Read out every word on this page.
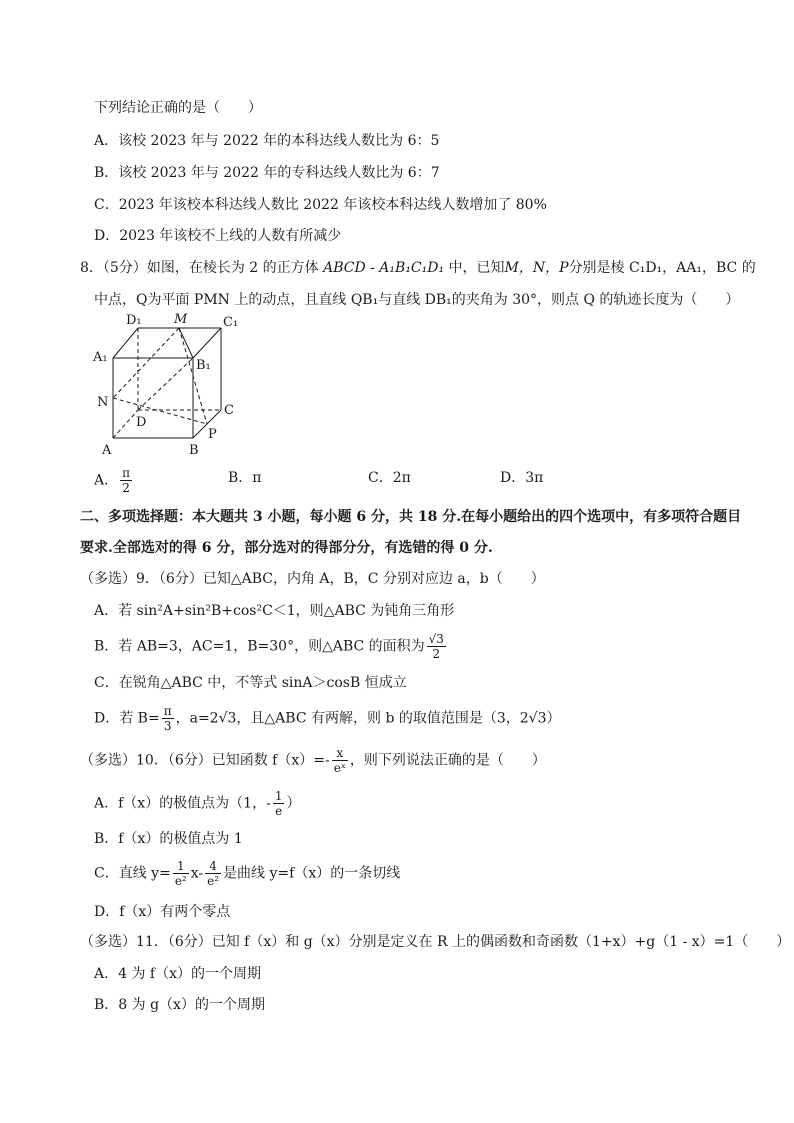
下列结论正确的是（　　）
A．该校 2023 年与 2022 年的本科达线人数比为 6：5
B．该校 2023 年与 2022 年的专科达线人数比为 6：7
C．2023 年该校本科达线人数比 2022 年该校本科达线人数增加了 80%
D．2023 年该校不上线的人数有所减少
8．（5分）如图，在棱长为 2 的正方体 ABCD - A₁B₁C₁D₁ 中，已知M，N，P分别是棱 C₁D₁，AA₁，BC 的
中点，Q为平面 PMN 上的动点，且直线 QB₁与直线 DB₁的夹角为 30°，则点 Q 的轨迹长度为（　　）
D₁ M	C₁
A₁
B₁
N
C
D
P
A	B
A． $\frac{\pi}{2}$	B．π	C．2π	D．3π
二、多项选择题：本大题共 3 小题，每小题 6 分，共 18 分.在每小题给出的四个选项中，有多项符合题目
要求.全部选对的得 6 分，部分选对的得部分分，有选错的得 0 分.
（多选）9．（6分）已知△ABC，内角 A，B，C 分别对应边 a，b（　　）
A．若 sin²A+sin²B+cos²C＜1，则△ABC 为钝角三角形
B．若 AB=3，AC=1，B=30°，则△ABC 的面积为 $\frac{√3}{2}$
C．在锐角△ABC 中，不等式 sinA＞cosB 恒成立
D．若 $B= \frac{\pi}{3}$ ，a=2√3，且△ABC 有两解，则 b 的取值范围是（3，2√3）
（多选）10．（6分）已知函数 $f(x)=- \frac{x}{\text{eˣ}}$ ，则下列说法正确的是（　　）
A．f（x）的极值点为（1，- $\frac{1}{e}$ ）
B．f（x）的极值点为 1
C．直线 $y= \frac{1}{\text{e²}} x- \frac{4}{\text{e²}}$ 是曲线 y=f（x）的一条切线
D．f（x）有两个零点
（多选）11．（6分）已知 f（x）和 g（x）分别是定义在 R 上的偶函数和奇函数（1+x）+g（1 - x）=1（　　）
A．4 为 f（x）的一个周期
B．8 为 g（x）的一个周期
